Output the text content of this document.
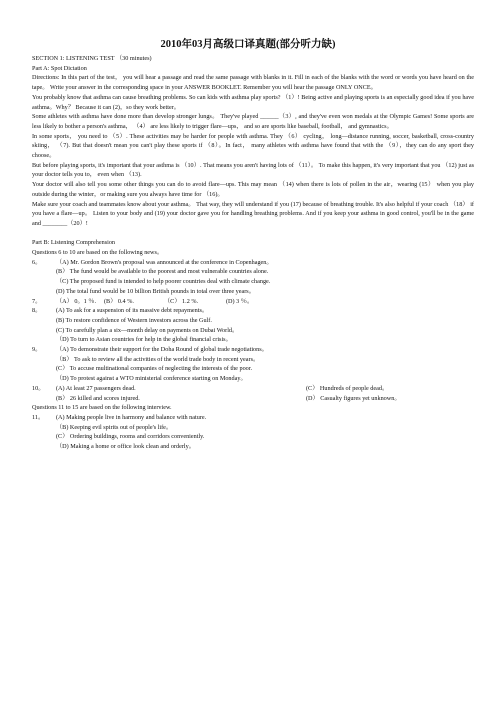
2010年03月高级口译真题(部分听力缺)

SECTION 1: LISTENING TEST （30 minutes)

Part A: Spot Dictation

Directions: In this part of the test， you will hear a passage and read the same passage with blanks in it. Fill in each of the blanks with the word or words you have heard on the tape。 Write your answer in the corresponding space in your ANSWER BOOKLET. Remember you will hear the passage ONLY ONCE。

You probably know that asthma can cause breathing problems. So can kids with asthma play sports? （1）! Being active and playing sports is an especially good idea if you have asthma。Why？ Because it can (2)，so they work better。

Some athletes with asthma have done more than develop stronger lungs。 They've played ______（3）, and they've even won medals at the Olympic Games! Some sports are less likely to bother a person's asthma， （4） are less likely to trigger flare—ups， and so are sports like baseball, football， and gymnastics。

In some sports， you need to （5）. These activities may be harder for people with asthma. They （6） cycling， long—distance running, soccer, basketball, cross-country skiing， （7). But that doesn't mean you can't play these sports if （8）。In fact， many athletes with asthma have found that with the （9），they can do any sport they choose。

But before playing sports, it's important that your asthma is （10）. That means you aren't having lots of （11）。 To make this happen, it's very important that you （12) just as your doctor tells you to， even when （13).

Your doctor will also tell you some other things you can do to avoid flare—ups. This may mean （14) when there is lots of pollen in the air，wearing (15） when you play outside during the winter，or making sure you always have time for （16)。

Make sure your coach and teammates know about your asthma。 That way, they will understand if you (17) because of breathing trouble. It's also helpful if your coach （18） if you have a flare—up。 Listen to your body and (19) your doctor gave you for handling breathing problems. And if you keep your asthma in good control, you'll be in the game and ________（20）!

Part B: Listening Comprehension

Questions 6 to 10 are based on the following news。

6。	（A) Mr. Gordon Brown's proposal was announced at the conference in Copenhagen。

(B） The fund would be available to the poorest and most vulnerable countries alone.

（C) The proposed fund is intended to help poorer countries deal with climate change.

(D) The total fund would be 10 billion British pounds in total over three years。

7。	（A） 0。1 ％.	(B） 0.4 %.	（C） 1.2 %.	(D) 3 ％。
8。	(A) To ask for a suspension of its massive debt repayments。

(B) To restore confidence of Western investors across the Gulf.

(C) To carefully plan a six—month delay on payments on Dubai World。

（D) To turn to Asian countries for help in the global financial crisis。

9。	（A) To demonstrate their support for the Doha Round of global trade negotiations。

（B） To ask to review all the activities of the world trade body in recent years。

(C） To accuse multinational companies of neglecting the interests of the poor.

（D) To protest against a WTO ministerial conference starting on Monday。

10。	(A) At least 27 passengers dead.	(C） Hundreds of people dead。
(B） 26 killed and scores injured.	(D） Casualty figures yet unknown。

Questions 11 to 15 are based on the following interview.

11。	(A) Making people live in harmony and balance with nature.

（B) Keeping evil spirits out of people's life。

(C） Ordering buildings, rooms and corridors conveniently.

（D) Making a home or office look clean and orderly。
